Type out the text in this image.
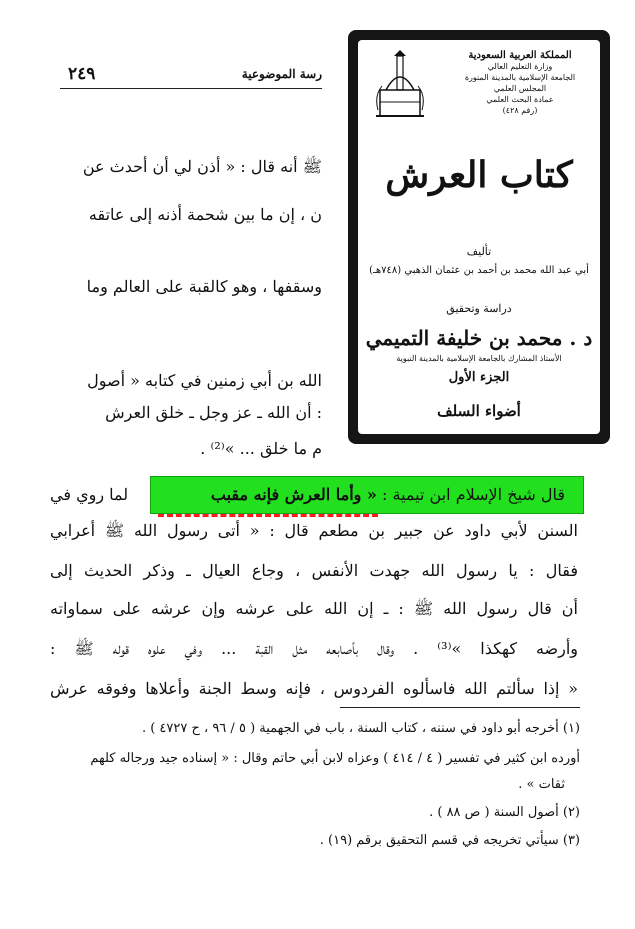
٢٤٩	رسة الموضوعية
ﷺ أنه قال : « أذن لي أن أحدث عن
ن ، إن ما بين شحمة أذنه إلى عاتقه
وسقفها ، وهو كالقبة على العالم وما
الله بن أبي زمنين في كتابه « أصول
: أن الله ـ عز وجل ـ خلق العرش
م ما خلق ... »⁽²⁾ .
لما روي في	قال شيخ الإسلام ابن تيمية : « وأما العرش فإنه مقبب
السنن لأبي داود عن جبير بن مطعم قال : « أتى رسول الله ﷺ أعرابي
فقال : يا رسول الله جهدت الأنفس ، وجاع العيال ـ وذكر الحديث إلى
أن قال رسول الله ﷺ : ـ إن الله على عرشه وإن عرشه على سماواته
وأرضه كهكذا »⁽³⁾ . وقال بأصابعه مثل القبة ... وفي علوه قوله ﷺ :
« إذا سألتم الله فاسألوه الفردوس ، فإنه وسط الجنة وأعلاها وفوقه عرش
(١) أخرجه أبو داود في سننه ، كتاب السنة ، باب في الجهمية ( ٥ / ٩٦ ، ح ٤٧٢٧ ) .
أورده ابن كثير في تفسير ( ٤ / ٤١٤ ) وعزاه لابن أبي حاتم وقال : « إسناده جيد ورجاله كلهم
ثقات » .
(٢) أصول السنة ( ص ٨٨ ) .
(٣) سيأتي تخريجه في قسم التحقيق برقم (١٩) .
المملكة العربية السعودية
وزارة التعليم العالي
الجامعة الإسلامية بالمدينة المنورة
المجلس العلمي
عمادة البحث العلمي
(رقم ٤٢٨)
كتاب العرش
تأليف
أبي عبد الله محمد بن أحمد بن عثمان الذهبي (٧٤٨هـ)
دراسة وتحقيق
د . محمد بن خليفة التميمي
الأستاذ المشارك بالجامعة الإسلامية بالمدينة النبوية
الجزء الأول
أضواء السلف
